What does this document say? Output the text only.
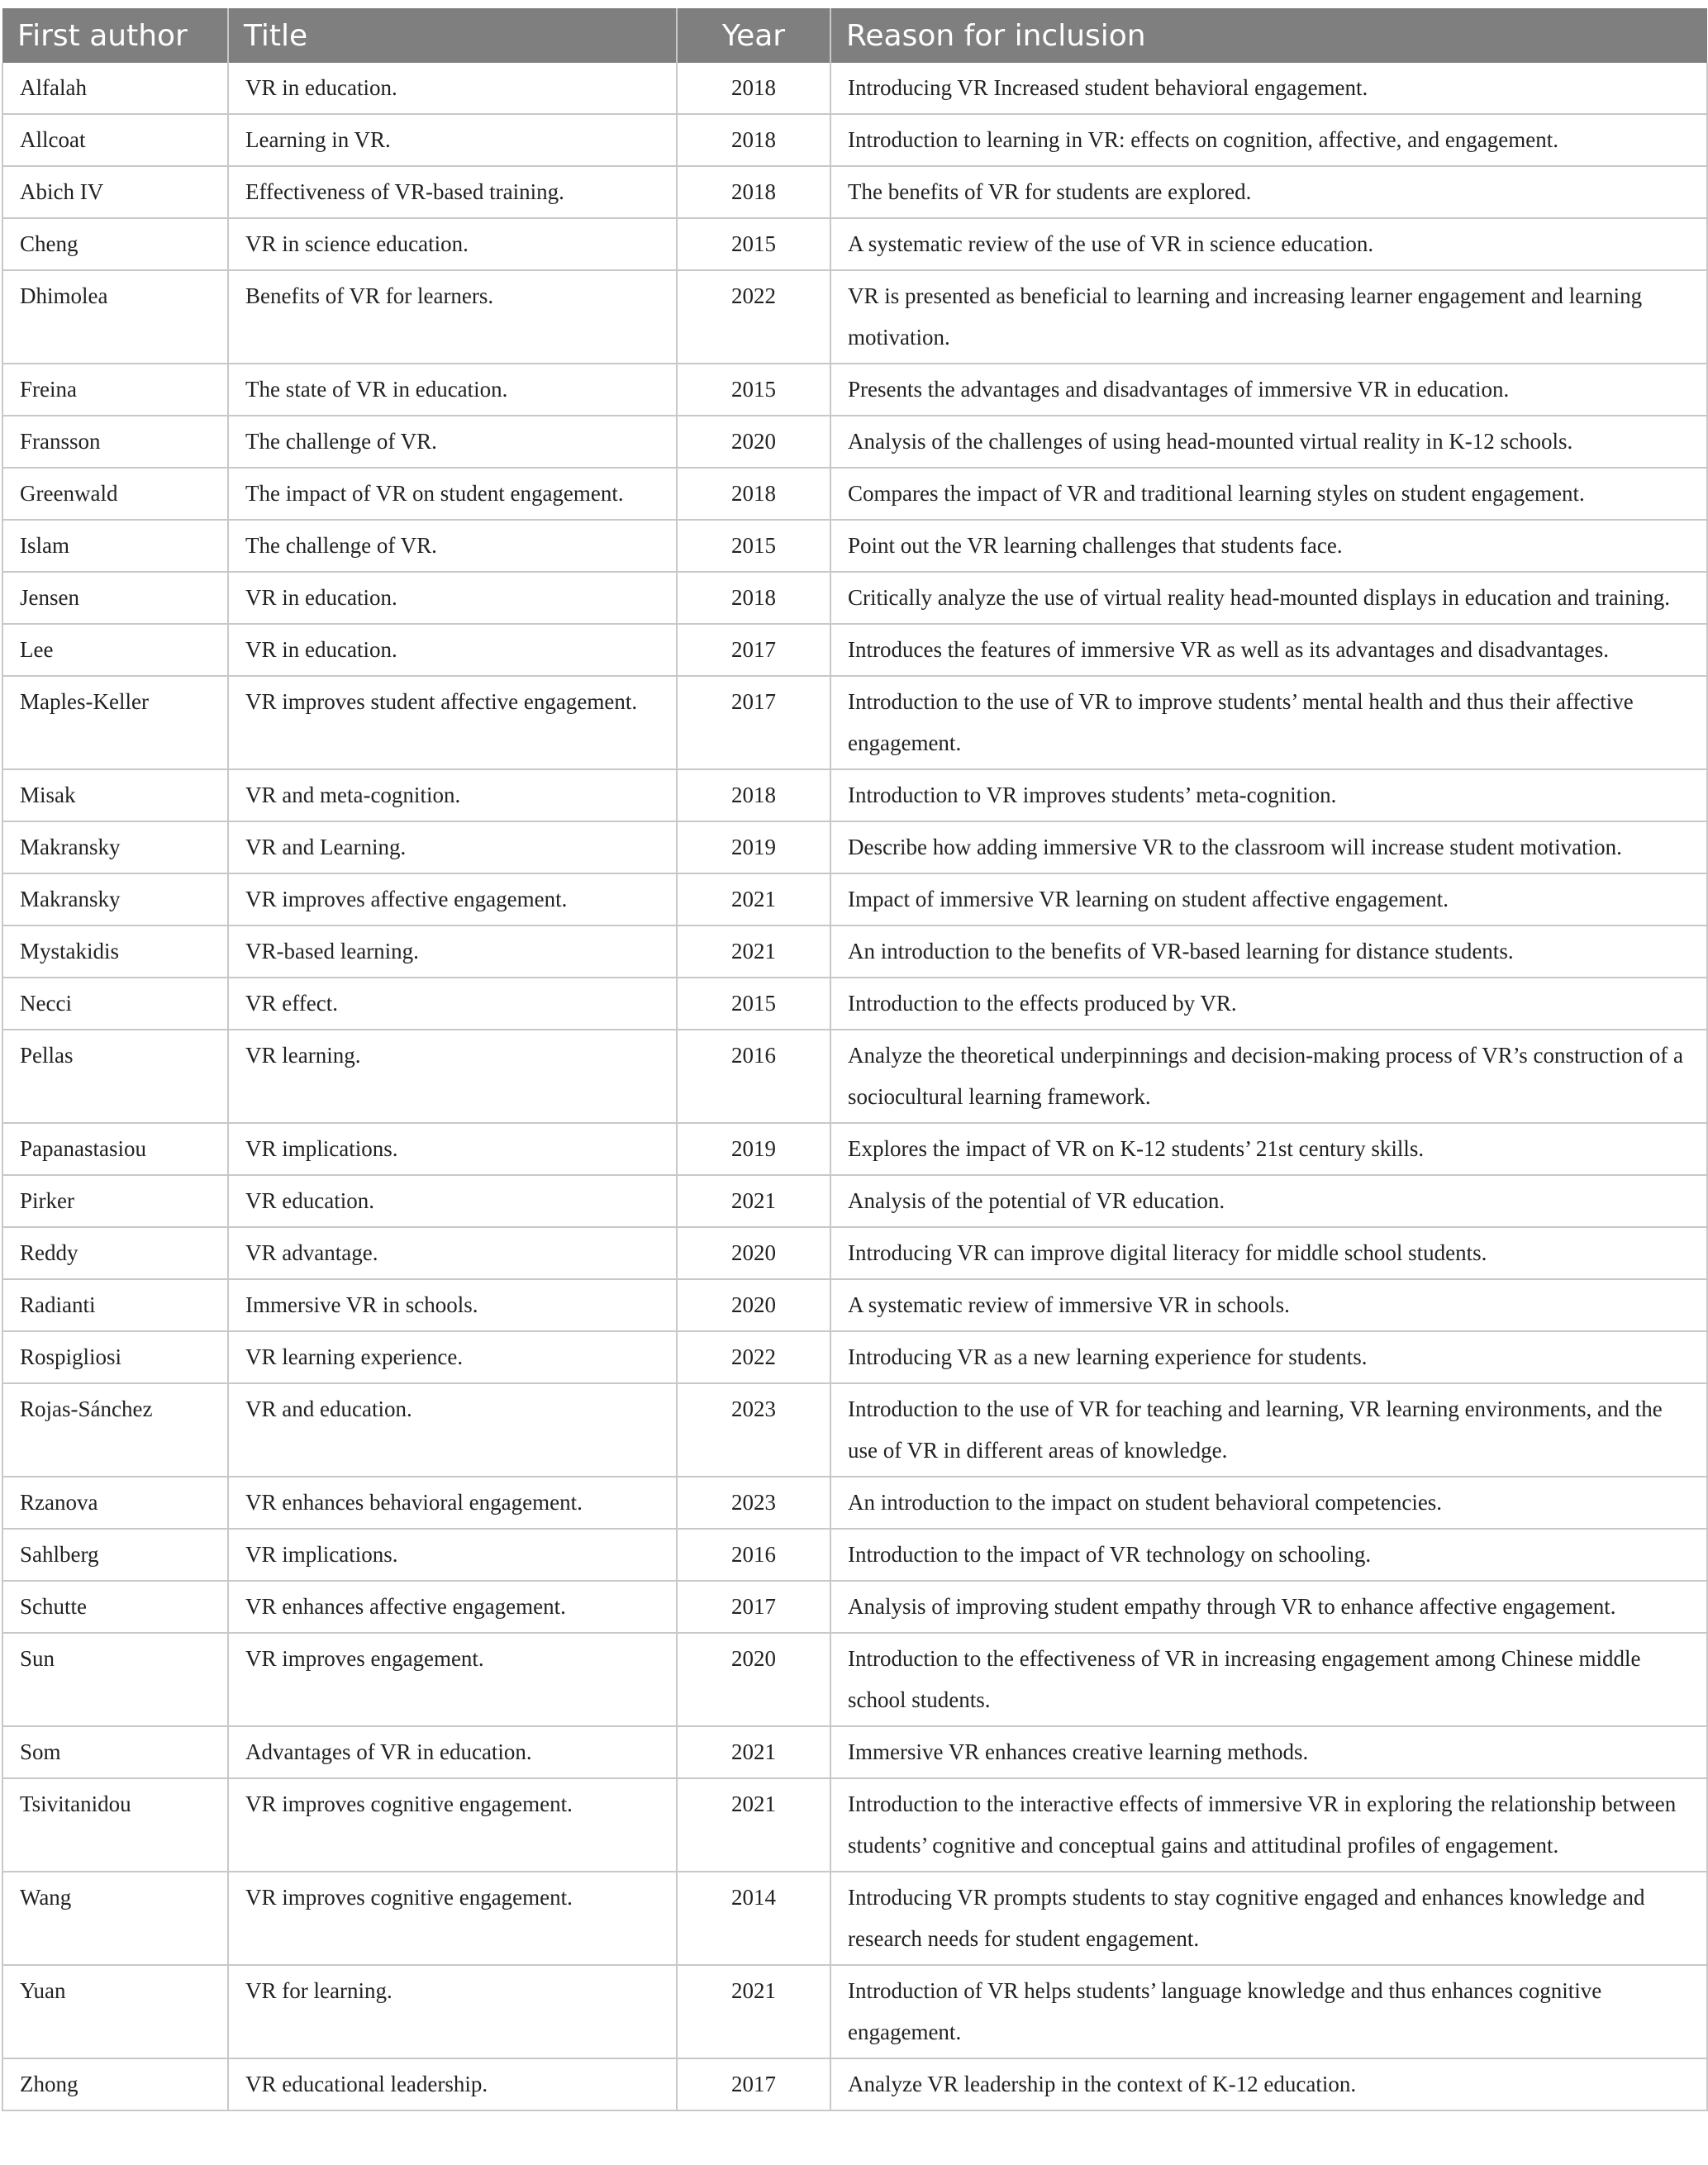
First author	Title	Year	Reason for inclusion
Alfalah	VR in education.	2018	Introducing VR Increased student behavioral engagement.
Allcoat	Learning in VR.	2018	Introduction to learning in VR: effects on cognition, affective, and engagement.
Abich IV	Effectiveness of VR-based training.	2018	The benefits of VR for students are explored.
Cheng	VR in science education.	2015	A systematic review of the use of VR in science education.
Dhimolea	Benefits of VR for learners.	2022	VR is presented as beneficial to learning and increasing learner engagement and learning motivation.
Freina	The state of VR in education.	2015	Presents the advantages and disadvantages of immersive VR in education.
Fransson	The challenge of VR.	2020	Analysis of the challenges of using head-mounted virtual reality in K-12 schools.
Greenwald	The impact of VR on student engagement.	2018	Compares the impact of VR and traditional learning styles on student engagement.
Islam	The challenge of VR.	2015	Point out the VR learning challenges that students face.
Jensen	VR in education.	2018	Critically analyze the use of virtual reality head-mounted displays in education and training.
Lee	VR in education.	2017	Introduces the features of immersive VR as well as its advantages and disadvantages.
Maples-Keller	VR improves student affective engagement.	2017	Introduction to the use of VR to improve students’ mental health and thus their affective engagement.
Misak	VR and meta-cognition.	2018	Introduction to VR improves students’ meta-cognition.
Makransky	VR and Learning.	2019	Describe how adding immersive VR to the classroom will increase student motivation.
Makransky	VR improves affective engagement.	2021	Impact of immersive VR learning on student affective engagement.
Mystakidis	VR-based learning.	2021	An introduction to the benefits of VR-based learning for distance students.
Necci	VR effect.	2015	Introduction to the effects produced by VR.
Pellas	VR learning.	2016	Analyze the theoretical underpinnings and decision-making process of VR’s construction of a sociocultural learning framework.
Papanastasiou	VR implications.	2019	Explores the impact of VR on K-12 students’ 21st century skills.
Pirker	VR education.	2021	Analysis of the potential of VR education.
Reddy	VR advantage.	2020	Introducing VR can improve digital literacy for middle school students.
Radianti	Immersive VR in schools.	2020	A systematic review of immersive VR in schools.
Rospigliosi	VR learning experience.	2022	Introducing VR as a new learning experience for students.
Rojas-Sánchez	VR and education.	2023	Introduction to the use of VR for teaching and learning, VR learning environments, and the use of VR in different areas of knowledge.
Rzanova	VR enhances behavioral engagement.	2023	An introduction to the impact on student behavioral competencies.
Sahlberg	VR implications.	2016	Introduction to the impact of VR technology on schooling.
Schutte	VR enhances affective engagement.	2017	Analysis of improving student empathy through VR to enhance affective engagement.
Sun	VR improves engagement.	2020	Introduction to the effectiveness of VR in increasing engagement among Chinese middle school students.
Som	Advantages of VR in education.	2021	Immersive VR enhances creative learning methods.
Tsivitanidou	VR improves cognitive engagement.	2021	Introduction to the interactive effects of immersive VR in exploring the relationship between students’ cognitive and conceptual gains and attitudinal profiles of engagement.
Wang	VR improves cognitive engagement.	2014	Introducing VR prompts students to stay cognitive engaged and enhances knowledge and research needs for student engagement.
Yuan	VR for learning.	2021	Introduction of VR helps students’ language knowledge and thus enhances cognitive engagement.
Zhong	VR educational leadership.	2017	Analyze VR leadership in the context of K-12 education.
